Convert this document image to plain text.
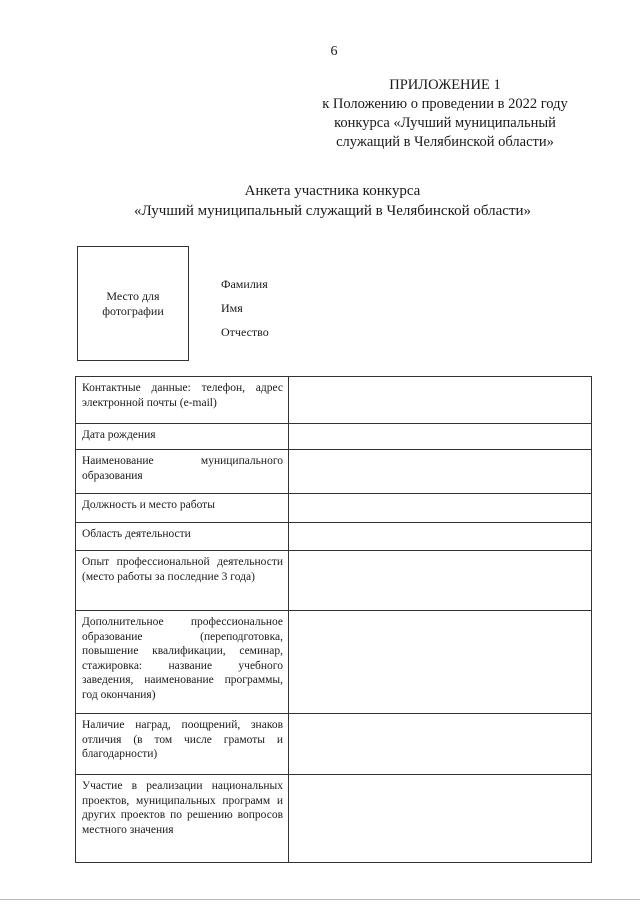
6
ПРИЛОЖЕНИЕ 1
к Положению о проведении в 2022 году
конкурса «Лучший муниципальный
служащий в Челябинской области»
Анкета участника конкурса
«Лучший муниципальный служащий в Челябинской области»
Место для фотографии
Фамилия
Имя
Отчество
Контактные данные: телефон, адрес электронной почты (e-mail)	
Дата рождения	
Наименование муниципального образования	
Должность и место работы	
Область деятельности	
Опыт профессиональной деятельности (место работы за последние 3 года)	
Дополнительное профессиональное образование (переподготовка, повышение квалификации, семинар, стажировка: название учебного заведения, наименование программы, год окончания)	
Наличие наград, поощрений, знаков отличия (в том числе грамоты и благодарности)	
Участие в реализации национальных проектов, муниципальных программ и других проектов по решению вопросов местного значения	
